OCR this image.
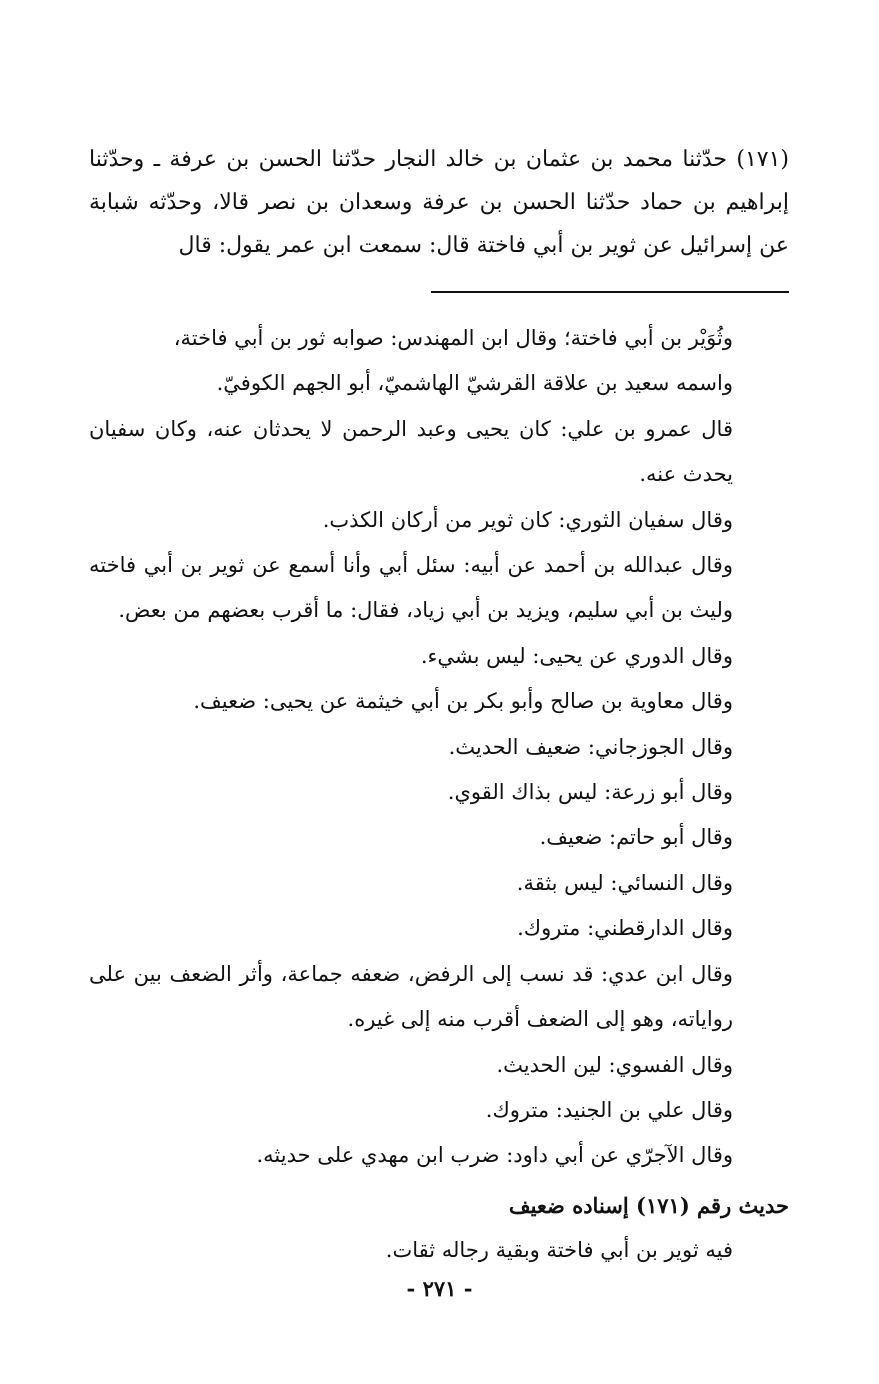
(١٧١) حدّثنا محمد بن عثمان بن خالد النجار حدّثنا الحسن بن عرفة ـ وحدّثنا إبراهيم بن حماد حدّثنا الحسن بن عرفة وسعدان بن نصر قالا، وحدّثه شبابة عن إسرائيل عن ثوير بن أبي فاختة قال: سمعت ابن عمر يقول: قال

وثُوَيْر بن أبي فاختة؛ وقال ابن المهندس: صوابه ثور بن أبي فاختة،

واسمه سعيد بن علاقة القرشيّ الهاشميّ، أبو الجهم الكوفيّ.

قال عمرو بن علي: كان يحيى وعبد الرحمن لا يحدثان عنه، وكان سفيان يحدث عنه.

وقال سفيان الثوري: كان ثوير من أركان الكذب.

وقال عبدالله بن أحمد عن أبيه: سئل أبي وأنا أسمع عن ثوير بن أبي فاخته وليث بن أبي سليم، ويزيد بن أبي زياد، فقال: ما أقرب بعضهم من بعض.

وقال الدوري عن يحيى: ليس بشيء.

وقال معاوية بن صالح وأبو بكر بن أبي خيثمة عن يحيى: ضعيف.

وقال الجوزجاني: ضعيف الحديث.

وقال أبو زرعة: ليس بذاك القوي.

وقال أبو حاتم: ضعيف.

وقال النسائي: ليس بثقة.

وقال الدارقطني: متروك.

وقال ابن عدي: قد نسب إلى الرفض، ضعفه جماعة، وأثر الضعف بين على رواياته، وهو إلى الضعف أقرب منه إلى غيره.

وقال الفسوي: لين الحديث.

وقال علي بن الجنيد: متروك.

وقال الآجرّي عن أبي داود: ضرب ابن مهدي على حديثه.

حديث رقم (١٧١) إسناده ضعيف

فيه ثوير بن أبي فاختة وبقية رجاله ثقات.

- ٢٧١ -
